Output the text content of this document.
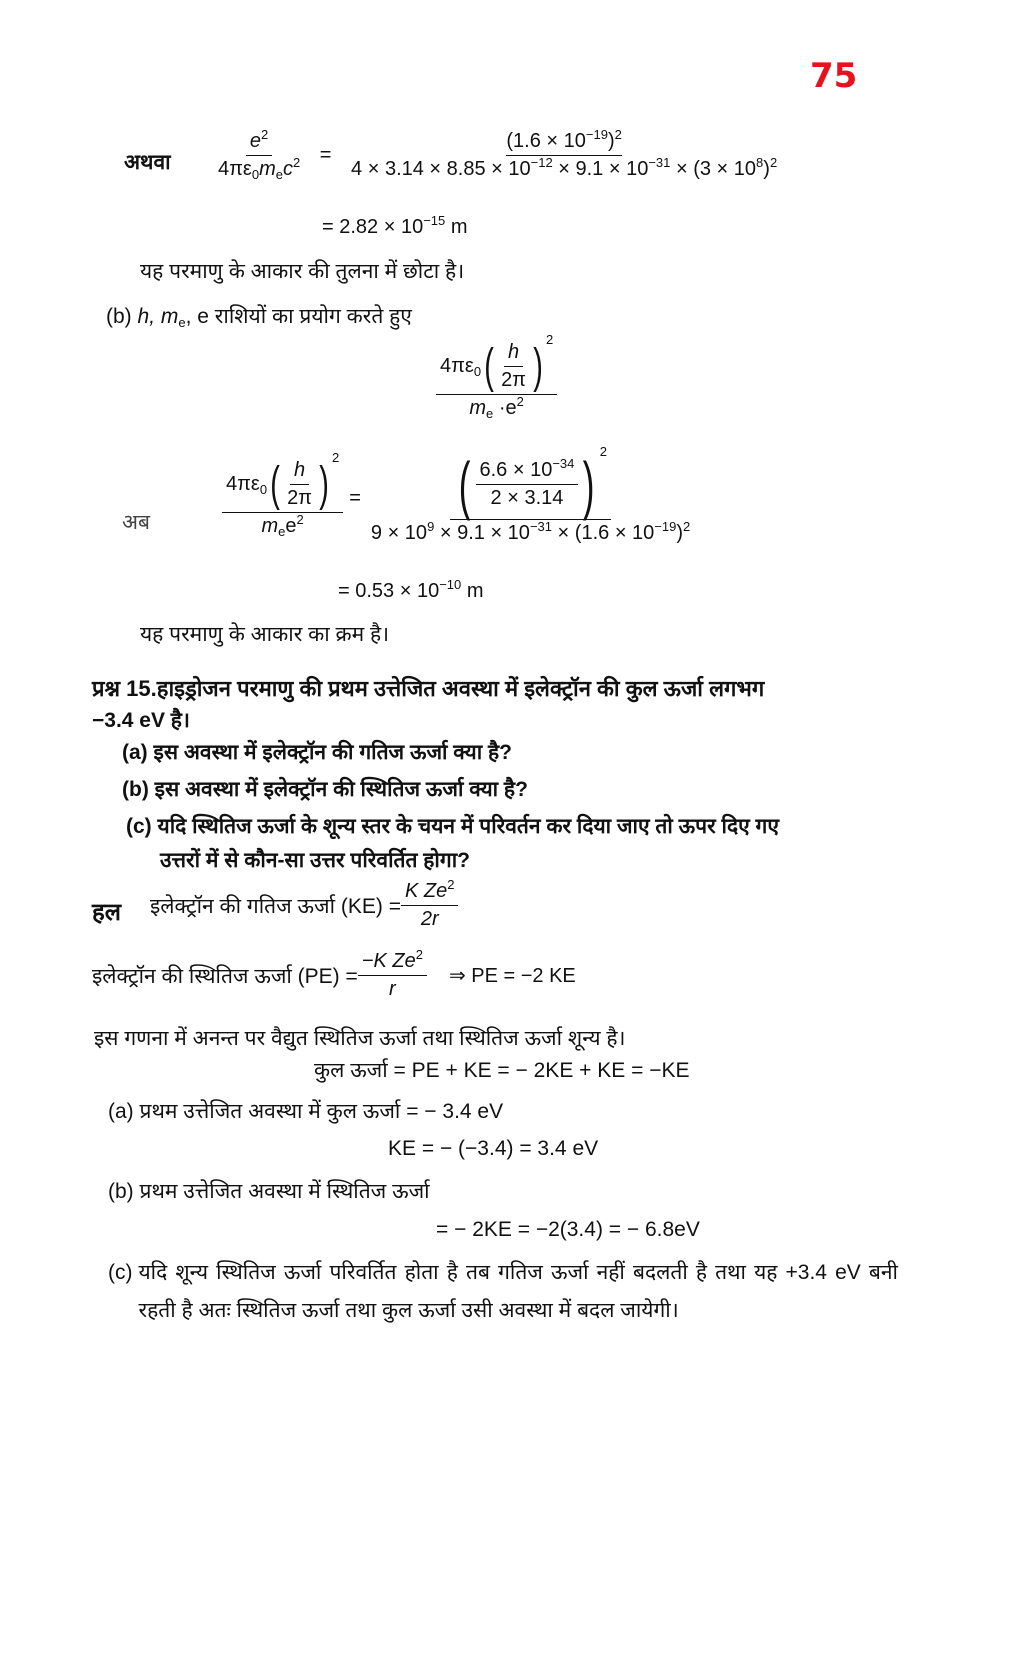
75
अथवा $\frac{e^2}{4\pi\varepsilon_0m_ec^2} = \frac{(1.6 \times 10^{-19})^2}{4 \times 3.14 \times 8.85 \times 10^{-12} \times 9.1 \times 10^{-31} \times (3 \times 10^8)^2}$
= $2.82 \times 10^{-15}$ m
यह परमाणु के आकार की तुलना में छोटा है।
(b) h, $m_e$, e राशियों का प्रयोग करते हुए
$\frac{4\pi\varepsilon_0( \frac{h}{2\pi} )^2}{m_e \cdot e^2}$
अब	$\frac{4\pi\varepsilon_0( \frac{h}{2\pi} )^2}{m_ee^2} = \frac{( \frac{6.6 \times 10^{-34}}{2 \times 3.14} ) ^2}{9 \times 10^9 \times 9.1 \times 10^{-31} \times (1.6 \times 10^{-19})^2}$
= $0.53 \times 10^{-10}$ m
यह परमाणु के आकार का क्रम है।
प्रश्न 15.हाइड्रोजन परमाणु की प्रथम उत्तेजित अवस्था में इलेक्ट्रॉन की कुल ऊर्जा लगभग
−3.4 eV है।
(a) इस अवस्था में इलेक्ट्रॉन की गतिज ऊर्जा क्या है?
(b) इस अवस्था में इलेक्ट्रॉन की स्थितिज ऊर्जा क्या है?
(c) यदि स्थितिज ऊर्जा के शून्य स्तर के चयन में परिवर्तन कर दिया जाए तो ऊपर दिए गए
उत्तरों में से कौन-सा उत्तर परिवर्तित होगा?
हल इलेक्ट्रॉन की गतिज ऊर्जा $(KE) = \frac{K Ze^2}{2r}$
इलेक्ट्रॉन की स्थितिज ऊर्जा $(PE) = \frac{-K Ze^2}{r}$ ⇒ PE = −2 KE
इस गणना में अनन्त पर वैद्युत स्थितिज ऊर्जा तथा स्थितिज ऊर्जा शून्य है।
कुल ऊर्जा = PE + KE = − 2KE + KE = −KE
(a) प्रथम उत्तेजित अवस्था में कुल ऊर्जा = − 3.4 eV
KE = − (−3.4) = 3.4 eV
(b) प्रथम उत्तेजित अवस्था में स्थितिज ऊर्जा
= − 2KE = −2(3.4) = − 6.8eV
(c) यदि शून्य स्थितिज ऊर्जा परिवर्तित होता है तब गतिज ऊर्जा नहीं बदलती है तथा यह +3.4 eV बनी रहती है अतः स्थितिज ऊर्जा तथा कुल ऊर्जा उसी अवस्था में बदल जायेगी।
